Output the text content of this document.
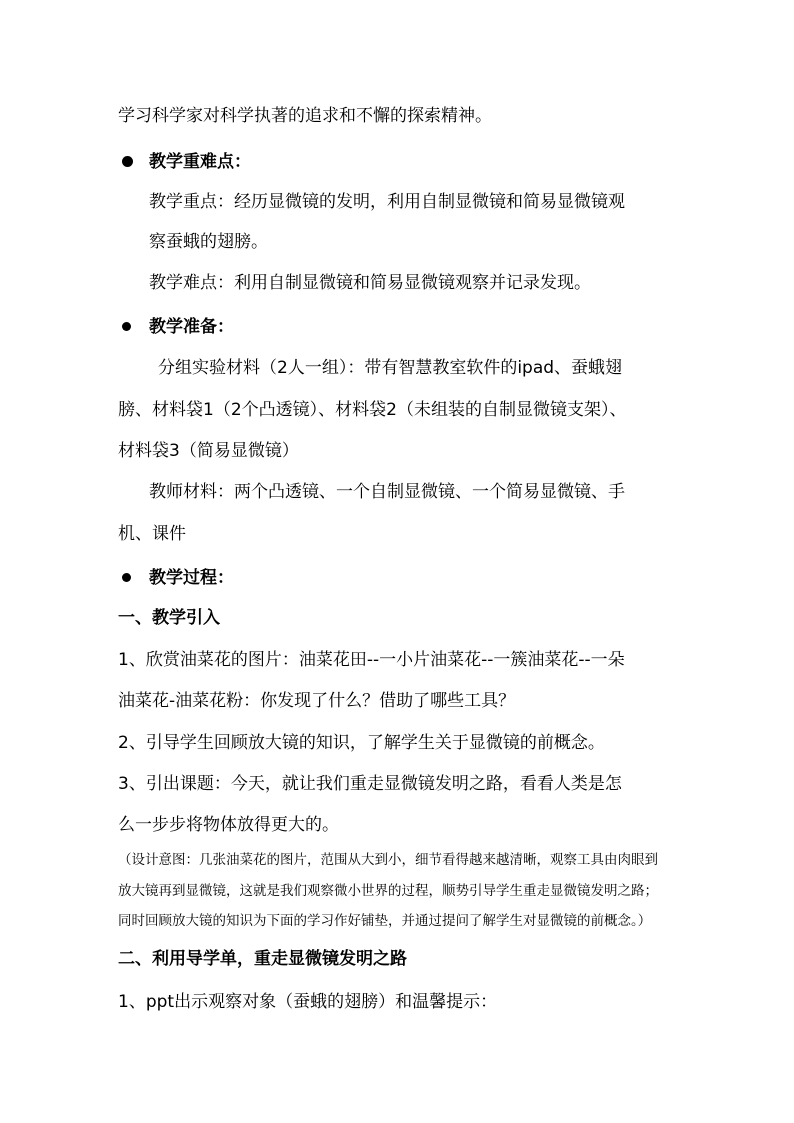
学习科学家对科学执著的追求和不懈的探索精神。
教学重难点：
教学重点：经历显微镜的发明，利用自制显微镜和简易显微镜观
察蚕蛾的翅膀。
教学难点：利用自制显微镜和简易显微镜观察并记录发现。
教学准备：
分组实验材料（2人一组）：带有智慧教室软件的ipad、蚕蛾翅
膀、材料袋1（2个凸透镜）、材料袋2（未组装的自制显微镜支架）、
材料袋3（简易显微镜）
教师材料：两个凸透镜、一个自制显微镜、一个简易显微镜、手
机、课件
教学过程：
一、教学引入
1、欣赏油菜花的图片：油菜花田--一小片油菜花--一簇油菜花--一朵
油菜花-油菜花粉：你发现了什么？借助了哪些工具？
2、引导学生回顾放大镜的知识，了解学生关于显微镜的前概念。
3、引出课题：今天，就让我们重走显微镜发明之路，看看人类是怎
么一步步将物体放得更大的。
（设计意图：几张油菜花的图片，范围从大到小，细节看得越来越清晰，观察工具由肉眼到
放大镜再到显微镜，这就是我们观察微小世界的过程，顺势引导学生重走显微镜发明之路；
同时回顾放大镜的知识为下面的学习作好铺垫，并通过提问了解学生对显微镜的前概念。）
二、利用导学单，重走显微镜发明之路
1、ppt出示观察对象（蚕蛾的翅膀）和温馨提示：
